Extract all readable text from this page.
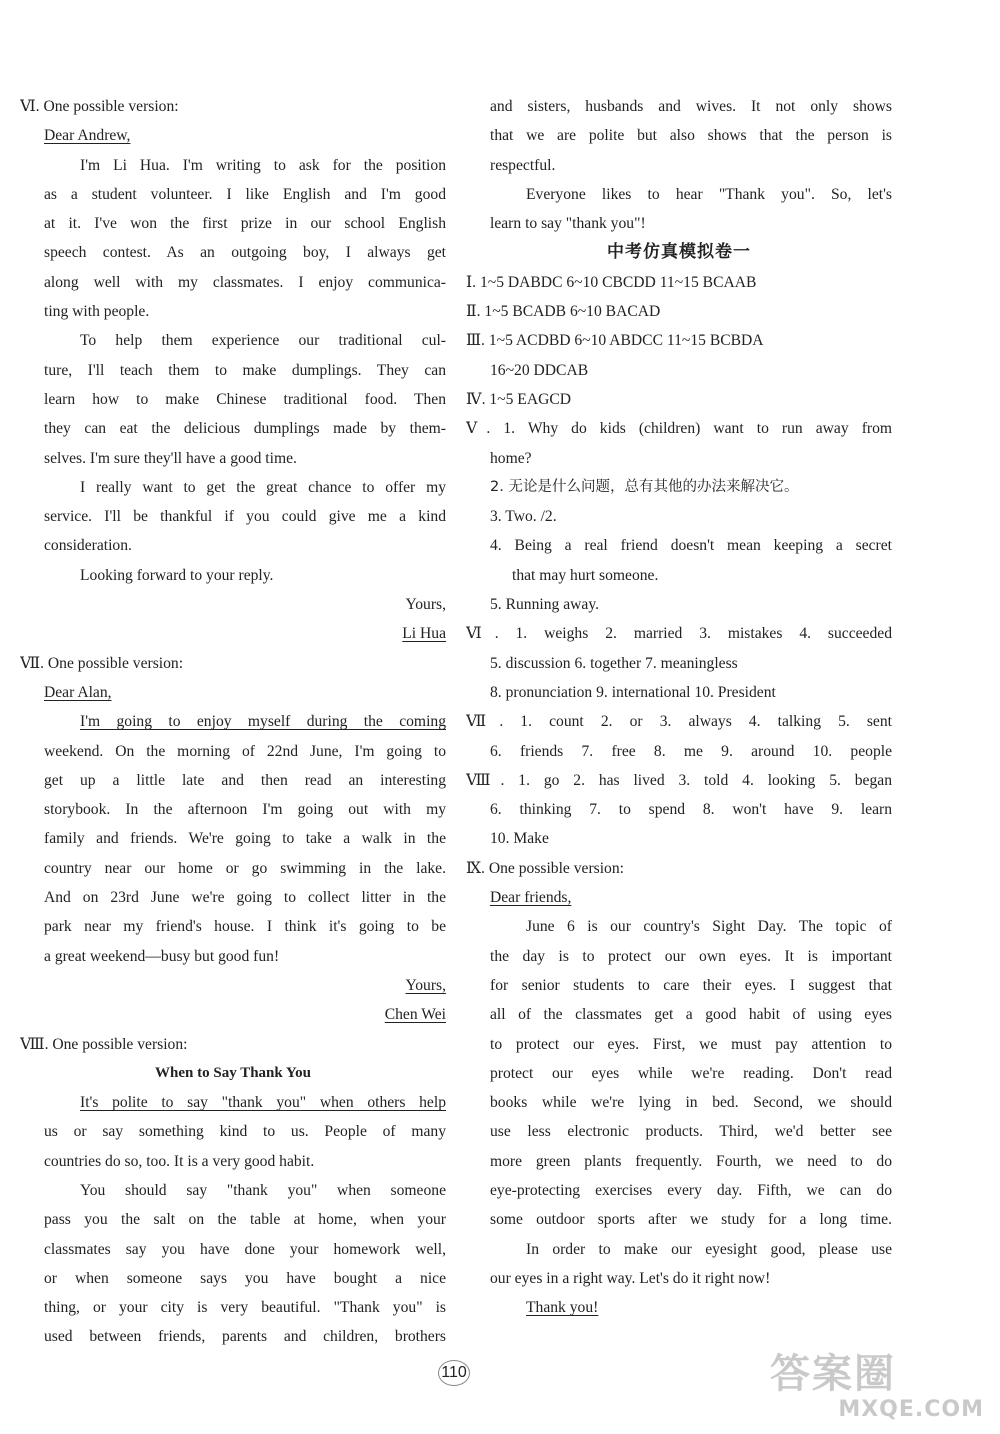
Ⅵ. One possible version:
Dear Andrew,
I'm Li Hua. I'm writing to ask for the position
as a student volunteer. I like English and I'm good
at it. I've won the first prize in our school English
speech contest. As an outgoing boy, I always get
along well with my classmates. I enjoy communica-
ting with people.
To help them experience our traditional cul-
ture, I'll teach them to make dumplings. They can
learn how to make Chinese traditional food. Then
they can eat the delicious dumplings made by them-
selves. I'm sure they'll have a good time.
I really want to get the great chance to offer my
service. I'll be thankful if you could give me a kind
consideration.
Looking forward to your reply.
Yours,
Li Hua
Ⅶ. One possible version:
Dear Alan,
I'm going to enjoy myself during the coming
weekend. On the morning of 22nd June, I'm going to
get up a little late and then read an interesting
storybook. In the afternoon I'm going out with my
family and friends. We're going to take a walk in the
country near our home or go swimming in the lake.
And on 23rd June we're going to collect litter in the
park near my friend's house. I think it's going to be
a great weekend—busy but good fun!
Yours,
Chen Wei
Ⅷ. One possible version:
When to Say Thank You
It's polite to say "thank you" when others help
us or say something kind to us. People of many
countries do so, too. It is a very good habit.
You should say "thank you" when someone
pass you the salt on the table at home, when your
classmates say you have done your homework well,
or when someone says you have bought a nice
thing, or your city is very beautiful. "Thank you" is
used between friends, parents and children, brothers
and sisters, husbands and wives. It not only shows
that we are polite but also shows that the person is
respectful.
Everyone likes to hear "Thank you". So, let's
learn to say "thank you"!
中考仿真模拟卷一
Ⅰ. 1~5 DABDC 6~10 CBCDD 11~15 BCAAB
Ⅱ. 1~5 BCADB 6~10 BACAD
Ⅲ. 1~5 ACDBD 6~10 ABDCC 11~15 BCBDA
16~20 DDCAB
Ⅳ. 1~5 EAGCD
Ⅴ. 1. Why do kids (children) want to run away from
home?
2. 无论是什么问题，总有其他的办法来解决它。
3. Two. /2.
4. Being a real friend doesn't mean keeping a secret
that may hurt someone.
5. Running away.
Ⅵ. 1. weighs 2. married 3. mistakes 4. succeeded
5. discussion 6. together 7. meaningless
8. pronunciation 9. international 10. President
Ⅶ. 1. count 2. or 3. always 4. talking 5. sent
6. friends 7. free 8. me 9. around 10. people
Ⅷ. 1. go 2. has lived 3. told 4. looking 5. began
6. thinking 7. to spend 8. won't have 9. learn
10. Make
Ⅸ. One possible version:
Dear friends,
June 6 is our country's Sight Day. The topic of
the day is to protect our own eyes. It is important
for senior students to care their eyes. I suggest that
all of the classmates get a good habit of using eyes
to protect our eyes. First, we must pay attention to
protect our eyes while we're reading. Don't read
books while we're lying in bed. Second, we should
use less electronic products. Third, we'd better see
more green plants frequently. Fourth, we need to do
eye-protecting exercises every day. Fifth, we can do
some outdoor sports after we study for a long time.
In order to make our eyesight good, please use
our eyes in a right way. Let's do it right now!
Thank you!
110	答案圈
MXQE.COM
